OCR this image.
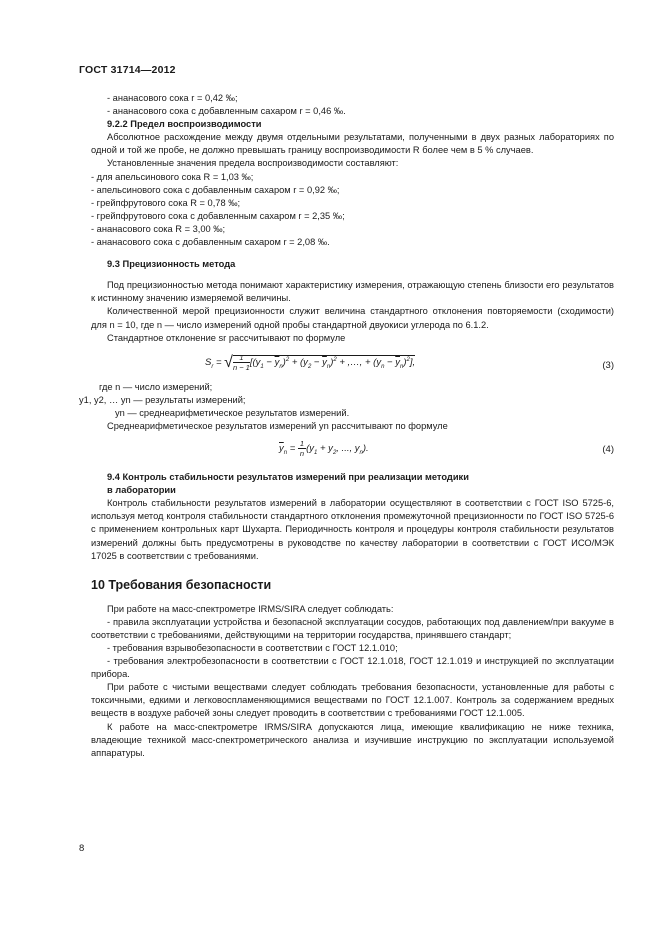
ГОСТ 31714—2012

- ананасового сока r = 0,42 ‰;

- ананасового сока с добавленным сахаром r = 0,46 ‰.

9.2.2 Предел воспроизводимости

Абсолютное расхождение между двумя отдельными результатами, полученными в двух разных лабораториях по одной и той же пробе, не должно превышать границу воспроизводимости R более чем в 5 % случаев.

Установленные значения предела воспроизводимости составляют:

- для апельсинового сока R = 1,03 ‰;

- апельсинового сока с добавленным сахаром r = 0,92 ‰;

- грейпфрутового сока R = 0,78 ‰;

- грейпфрутового сока с добавленным сахаром r = 2,35 ‰;

- ананасового сока R = 3,00 ‰;

- ананасового сока с добавленным сахаром r = 2,08 ‰.

9.3 Прецизионность метода

Под прецизионностью метода понимают характеристику измерения, отражающую степень близости его результатов к истинному значению измеряемой величины.

Количественной мерой прецизионности служит величина стандартного отклонения повторяемости (сходимости) для n = 10, где n — число измерений одной пробы стандартной двуокиси углерода по 6.1.2.

Стандартное отклонение sr рассчитывают по формуле

$S_r$ = √ $\frac{1}{n - 1} [(y_1 - \overline{y}_n)^2 + (y_2 - \overline{y}_n)^2$ + ,…, + $(y_n - \overline{y}_n)^2$],	(3)

где n — число измерений;

y1, y2, … yn — результаты измерений;

yn — среднеарифметическое результатов измерений.

Среднеарифметическое результатов измерений yn рассчитывают по формуле

$\overline{y}_n = \frac{1}{n} (y_1 + y_2$, ..., $y_n$).	(4)

9.4 Контроль стабильности результатов измерений при реализации методики

в лаборатории

Контроль стабильности результатов измерений в лаборатории осуществляют в соответствии с ГОСТ ISO 5725-6, используя метод контроля стабильности стандартного отклонения промежуточной прецизионности по ГОСТ ISO 5725-6 с применением контрольных карт Шухарта. Периодичность контроля и процедуры контроля стабильности результатов измерений должны быть предусмотрены в руководстве по качеству лаборатории в соответствии с ГОСТ ИСО/МЭК 17025 в соответствии с требованиями.

10 Требования безопасности

При работе на масс-спектрометре IRMS/SIRA следует соблюдать:

- правила эксплуатации устройства и безопасной эксплуатации сосудов, работающих под давлением/при вакууме в соответствии с требованиями, действующими на территории государства, принявшего стандарт;

- требования взрывобезопасности в соответствии с ГОСТ 12.1.010;

- требования электробезопасности в соответствии с ГОСТ 12.1.018, ГОСТ 12.1.019 и инструкцией по эксплуатации прибора.

При работе с чистыми веществами следует соблюдать требования безопасности, установленные для работы с токсичными, едкими и легковоспламеняющимися веществами по ГОСТ 12.1.007. Контроль за содержанием вредных веществ в воздухе рабочей зоны следует проводить в соответствии с требованиями ГОСТ 12.1.005.

К работе на масс-спектрометре IRMS/SIRA допускаются лица, имеющие квалификацию не ниже техника, владеющие техникой масс-спектрометрического анализа и изучившие инструкцию по эксплуатации используемой аппаратуры.

8
